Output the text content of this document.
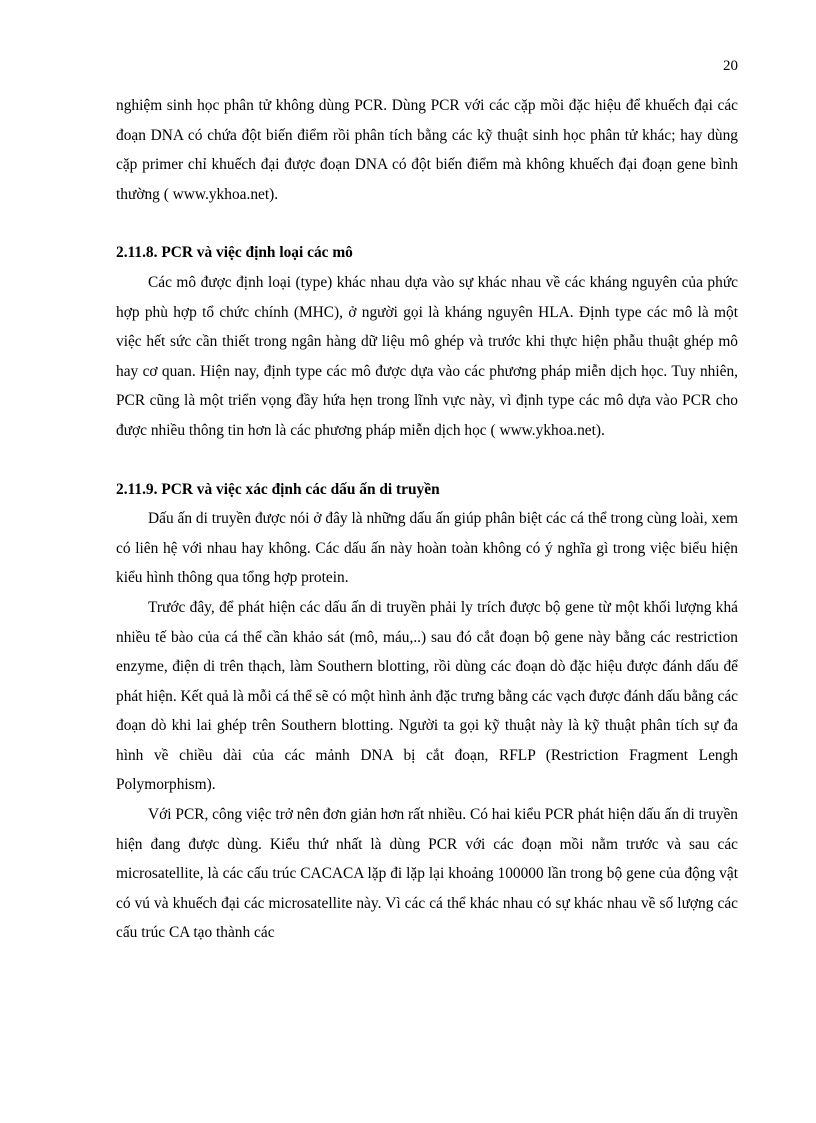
20

nghiệm sinh học phân tử không dùng PCR. Dùng PCR với các cặp mồi đặc hiệu để khuếch đại các đoạn DNA có chứa đột biến điểm rồi phân tích bằng các kỹ thuật sinh học phân tử khác; hay dùng cặp primer chỉ khuếch đại được đoạn DNA có đột biến điểm mà không khuếch đại đoạn gene bình thường ( www.ykhoa.net).

2.11.8. PCR và việc định loại các mô

Các mô được định loại (type) khác nhau dựa vào sự khác nhau về các kháng nguyên của phức hợp phù hợp tổ chức chính (MHC), ở người gọi là kháng nguyên HLA. Định type các mô là một việc hết sức cần thiết trong ngân hàng dữ liệu mô ghép và trước khi thực hiện phẫu thuật ghép mô hay cơ quan. Hiện nay, định type các mô được dựa vào các phương pháp miễn dịch học. Tuy nhiên, PCR cũng là một triển vọng đầy hứa hẹn trong lĩnh vực này, vì định type các mô dựa vào PCR cho được nhiều thông tin hơn là các phương pháp miễn dịch học ( www.ykhoa.net).

2.11.9. PCR và việc xác định các dấu ấn di truyền

Dấu ấn di truyền được nói ở đây là những dấu ấn giúp phân biệt các cá thể trong cùng loài, xem có liên hệ với nhau hay không. Các dấu ấn này hoàn toàn không có ý nghĩa gì trong việc biểu hiện kiểu hình thông qua tổng hợp protein.

Trước đây, để phát hiện các dấu ấn di truyền phải ly trích được bộ gene từ một khối lượng khá nhiều tế bào của cá thể cần khảo sát (mô, máu,..) sau đó cắt đoạn bộ gene này bằng các restriction enzyme, điện di trên thạch, làm Southern blotting, rồi dùng các đoạn dò đặc hiệu được đánh dấu để phát hiện. Kết quả là mỗi cá thể sẽ có một hình ảnh đặc trưng bằng các vạch được đánh dấu bằng các đoạn dò khi lai ghép trên Southern blotting. Người ta gọi kỹ thuật này là kỹ thuật phân tích sự đa hình về chiều dài của các mảnh DNA bị cắt đoạn, RFLP (Restriction Fragment Lengh Polymorphism).

Với PCR, công việc trở nên đơn giản hơn rất nhiều. Có hai kiểu PCR phát hiện dấu ấn di truyền hiện đang được dùng. Kiểu thứ nhất là dùng PCR với các đoạn mồi nằm trước và sau các microsatellite, là các cấu trúc CACACA lặp đi lặp lại khoảng 100000 lần trong bộ gene của động vật có vú và khuếch đại các microsatellite này. Vì các cá thể khác nhau có sự khác nhau về số lượng các cấu trúc CA tạo thành các
